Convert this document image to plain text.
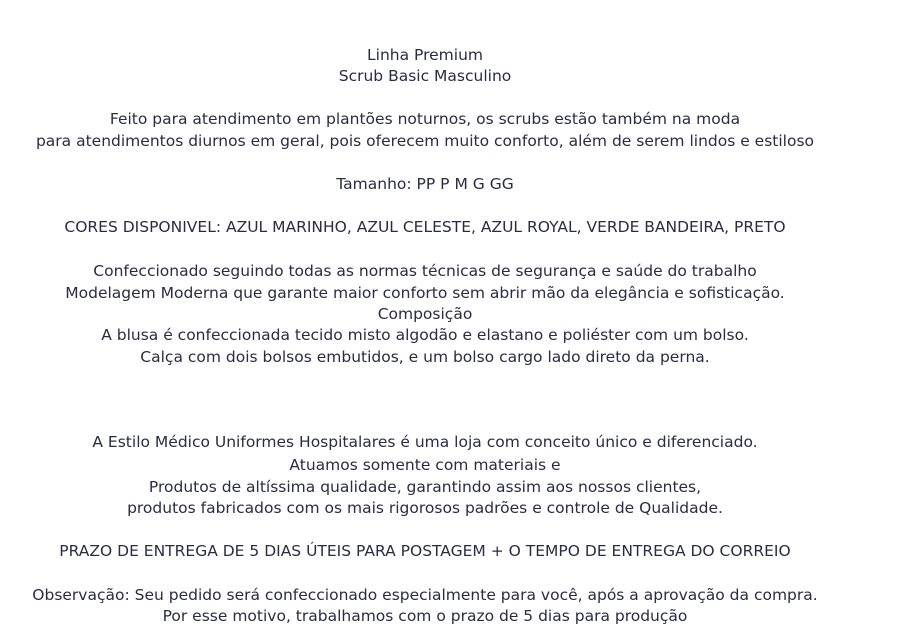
Linha Premium
Scrub Basic Masculino
Feito para atendimento em plantões noturnos, os scrubs estão também na moda
para atendimentos diurnos em geral, pois oferecem muito conforto, além de serem lindos e estiloso
Tamanho: PP P M G GG
CORES DISPONIVEL: AZUL MARINHO, AZUL CELESTE, AZUL ROYAL, VERDE BANDEIRA, PRETO
Confeccionado seguindo todas as normas técnicas de segurança e saúde do trabalho
Modelagem Moderna que garante maior conforto sem abrir mão da elegância e sofisticação.
Composição
A blusa é confeccionada tecido misto algodão e elastano e poliéster com um bolso.
Calça com dois bolsos embutidos, e um bolso cargo lado direto da perna.
A Estilo Médico Uniformes Hospitalares é uma loja com conceito único e diferenciado.
Atuamos somente com materiais e
Produtos de altíssima qualidade, garantindo assim aos nossos clientes,
produtos fabricados com os mais rigorosos padrões e controle de Qualidade.
PRAZO DE ENTREGA DE 5 DIAS ÚTEIS PARA POSTAGEM + O TEMPO DE ENTREGA DO CORREIO
Observação: Seu pedido será confeccionado especialmente para você, após a aprovação da compra.
Por esse motivo, trabalhamos com o prazo de 5 dias para produção
